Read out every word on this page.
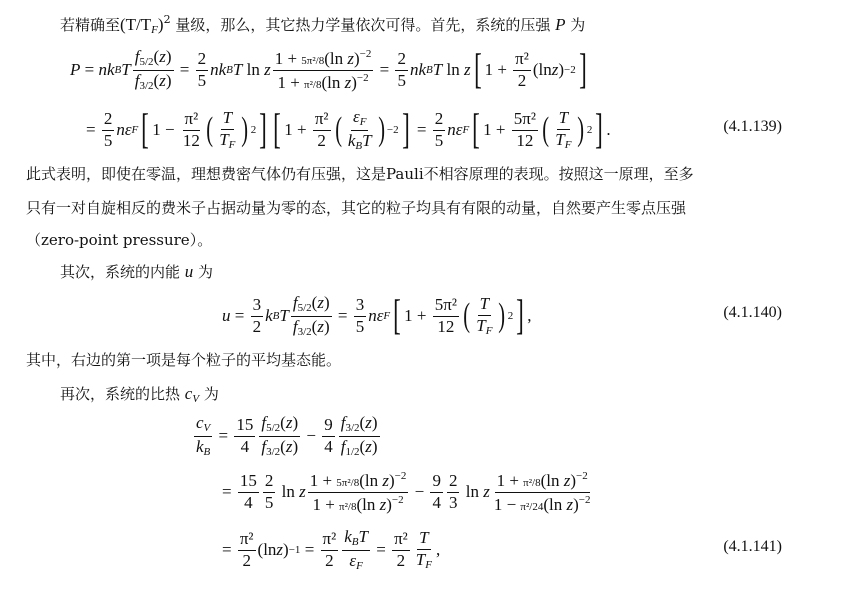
若精确至$(T/T_F)^2$ 量级，那么，其它热力学量依次可得。首先，系统的压强 P 为
P = nk B T
$f_{5/2}(z)$
$f_{3/2}(z)$
=
2
5
nk B T ln z
1 + 5π²/8(ln z)$^{-2}$
1 + π²/8(ln z)$^{-2}$ =
2
5
nk B T ln z [ 1 +
π²
2
(ln z ) −2 ]
=
2
5
nε F [ 1 −
π²
12 ( T
$T_F$ ) 2 ] [ 1 +
π²
2 ( $\varepsilon_F$
$k_BT$ ) −2 ] =
2
5
nε F [ 1 +
5π²
12 ( T
$T_F$ ) 2 ] .	(4.1.139)
此式表明，即使在零温，理想费密气体仍有压强，这是Pauli不相容原理的表现。按照这一原理，至多
只有一对自旋相反的费米子占据动量为零的态，其它的粒子均具有有限的动量，自然要产生零点压强
（zero-point pressure）。
其次，系统的内能 u 为
u =
3
2
k B T
$f_{5/2}(z)$
$f_{3/2}(z)$
=
3
5
nε F [ 1 +
5π²
12 ( T
$T_F$ ) 2 ] ,	(4.1.140)
其中，右边的第一项是每个粒子的平均基态能。
再次，系统的比热 $c_V$ 为
$c_V$
$k_B$
=
15
4
$f_{5/2}(z)$
$f_{3/2}(z)$
−
9
4
$f_{3/2}(z)$
$f_{1/2}(z)$
=
15
4
2
5
ln z
1 + 5π²/8(ln z)$^{-2}$
1 + π²/8(ln z)$^{-2}$ −
9
4
2
3
ln z
1 + π²/8(ln z)$^{-2}$
1 − π²/24(ln z)$^{-2}$
=
π²
2
(ln z ) −1 =
π²
2
$k_BT$
$\varepsilon_F$
=
π²
2
T
$T_F$
,	(4.1.141)
